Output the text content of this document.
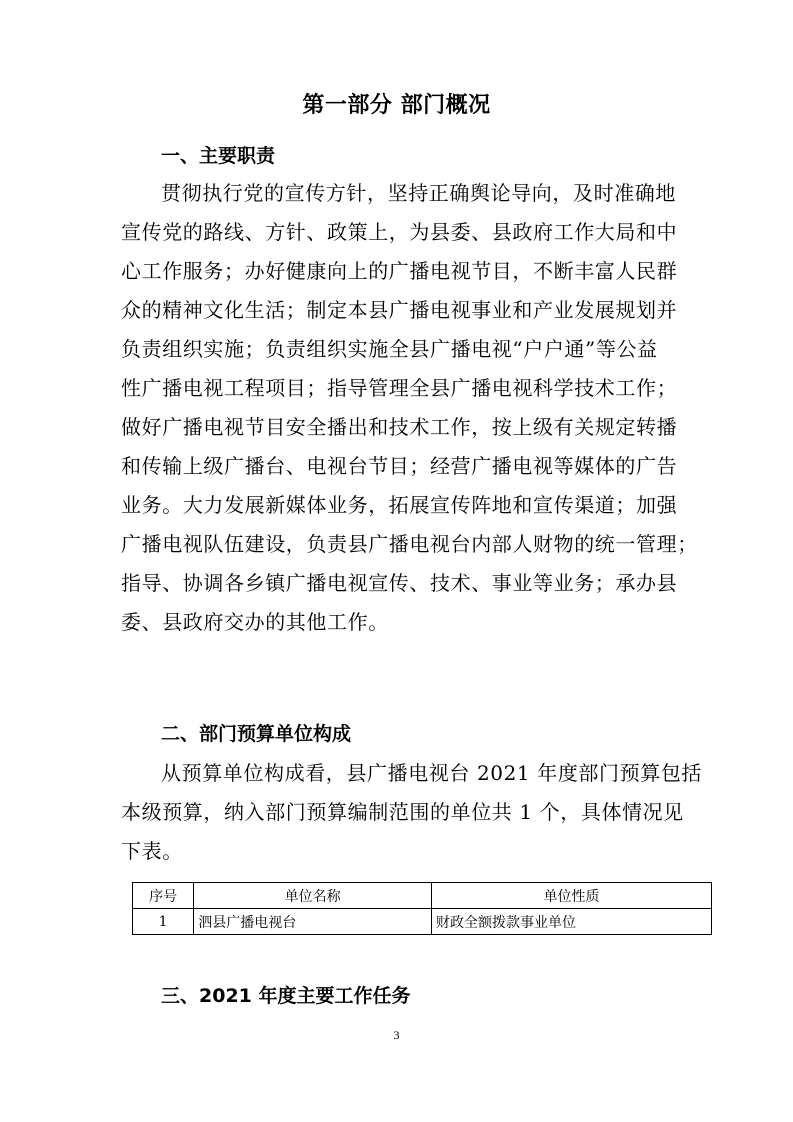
第一部分 部门概况
一、主要职责
贯彻执行党的宣传方针，坚持正确舆论导向，及时准确地
宣传党的路线、方针、政策上，为县委、县政府工作大局和中
心工作服务；办好健康向上的广播电视节目，不断丰富人民群
众的精神文化生活；制定本县广播电视事业和产业发展规划并
负责组织实施；负责组织实施全县广播电视“户户通”等公益
性广播电视工程项目；指导管理全县广播电视科学技术工作；
做好广播电视节目安全播出和技术工作，按上级有关规定转播
和传输上级广播台、电视台节目；经营广播电视等媒体的广告
业务。大力发展新媒体业务，拓展宣传阵地和宣传渠道；加强
广播电视队伍建设，负责县广播电视台内部人财物的统一管理；
指导、协调各乡镇广播电视宣传、技术、事业等业务；承办县
委、县政府交办的其他工作。
二、部门预算单位构成
从预算单位构成看，县广播电视台 2021 年度部门预算包括
本级预算，纳入部门预算编制范围的单位共 1 个，具体情况见
下表。
序号	单位名称	单位性质
1	泗县广播电视台	财政全额拨款事业单位
三、2021 年度主要工作任务
3
